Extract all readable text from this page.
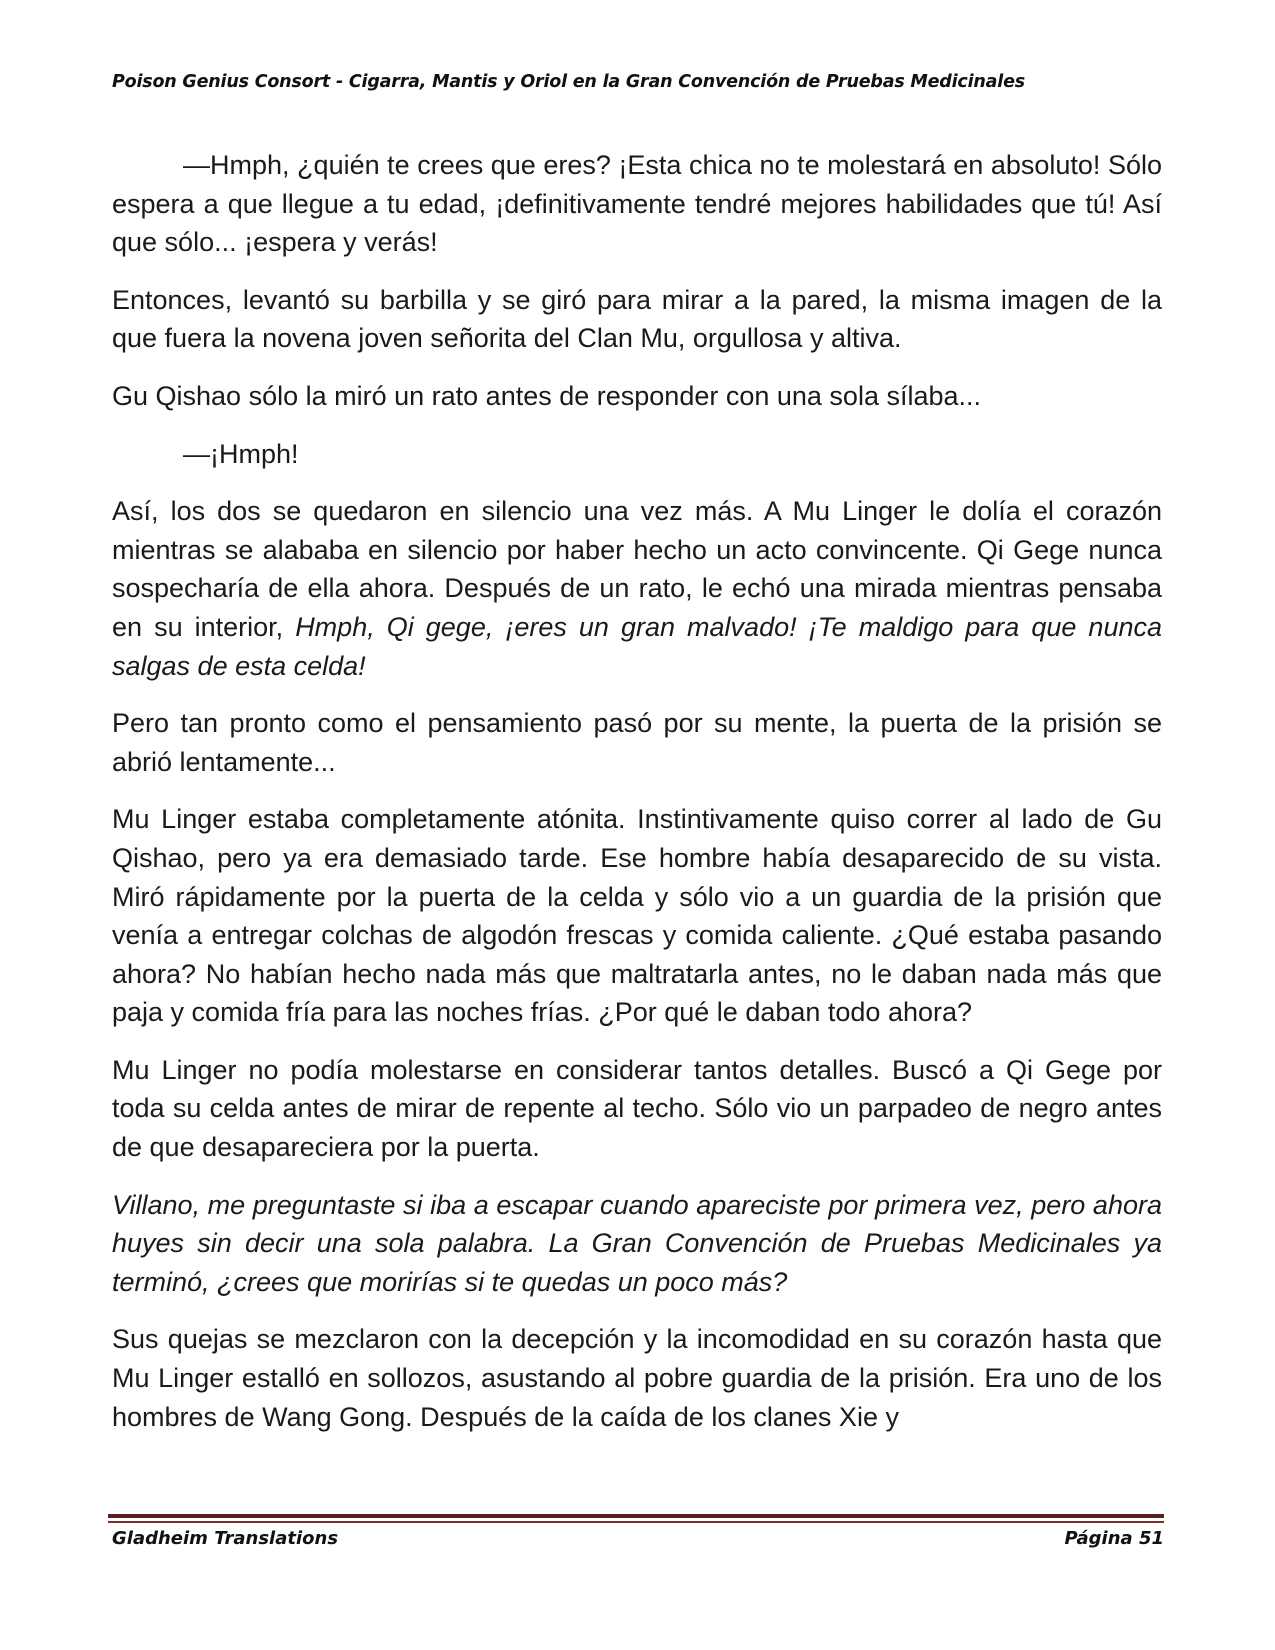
Poison Genius Consort - Cigarra, Mantis y Oriol en la Gran Convención de Pruebas Medicinales

—Hmph, ¿quién te crees que eres? ¡Esta chica no te molestará en absoluto! Sólo espera a que llegue a tu edad, ¡definitivamente tendré mejores habilidades que tú! Así que sólo... ¡espera y verás!

Entonces, levantó su barbilla y se giró para mirar a la pared, la misma imagen de la que fuera la novena joven señorita del Clan Mu, orgullosa y altiva.

Gu Qishao sólo la miró un rato antes de responder con una sola sílaba...

—¡Hmph!

Así, los dos se quedaron en silencio una vez más. A Mu Linger le dolía el corazón mientras se alababa en silencio por haber hecho un acto convincente. Qi Gege nunca sospecharía de ella ahora. Después de un rato, le echó una mirada mientras pensaba en su interior, Hmph, Qi gege, ¡eres un gran malvado! ¡Te maldigo para que nunca salgas de esta celda!

Pero tan pronto como el pensamiento pasó por su mente, la puerta de la prisión se abrió lentamente...

Mu Linger estaba completamente atónita. Instintivamente quiso correr al lado de Gu Qishao, pero ya era demasiado tarde. Ese hombre había desaparecido de su vista. Miró rápidamente por la puerta de la celda y sólo vio a un guardia de la prisión que venía a entregar colchas de algodón frescas y comida caliente. ¿Qué estaba pasando ahora? No habían hecho nada más que maltratarla antes, no le daban nada más que paja y comida fría para las noches frías. ¿Por qué le daban todo ahora?

Mu Linger no podía molestarse en considerar tantos detalles. Buscó a Qi Gege por toda su celda antes de mirar de repente al techo. Sólo vio un parpadeo de negro antes de que desapareciera por la puerta.

Villano, me preguntaste si iba a escapar cuando apareciste por primera vez, pero ahora huyes sin decir una sola palabra. La Gran Convención de Pruebas Medicinales ya terminó, ¿crees que morirías si te quedas un poco más?

Sus quejas se mezclaron con la decepción y la incomodidad en su corazón hasta que Mu Linger estalló en sollozos, asustando al pobre guardia de la prisión. Era uno de los hombres de Wang Gong. Después de la caída de los clanes Xie y

Gladheim Translations	Página 51
